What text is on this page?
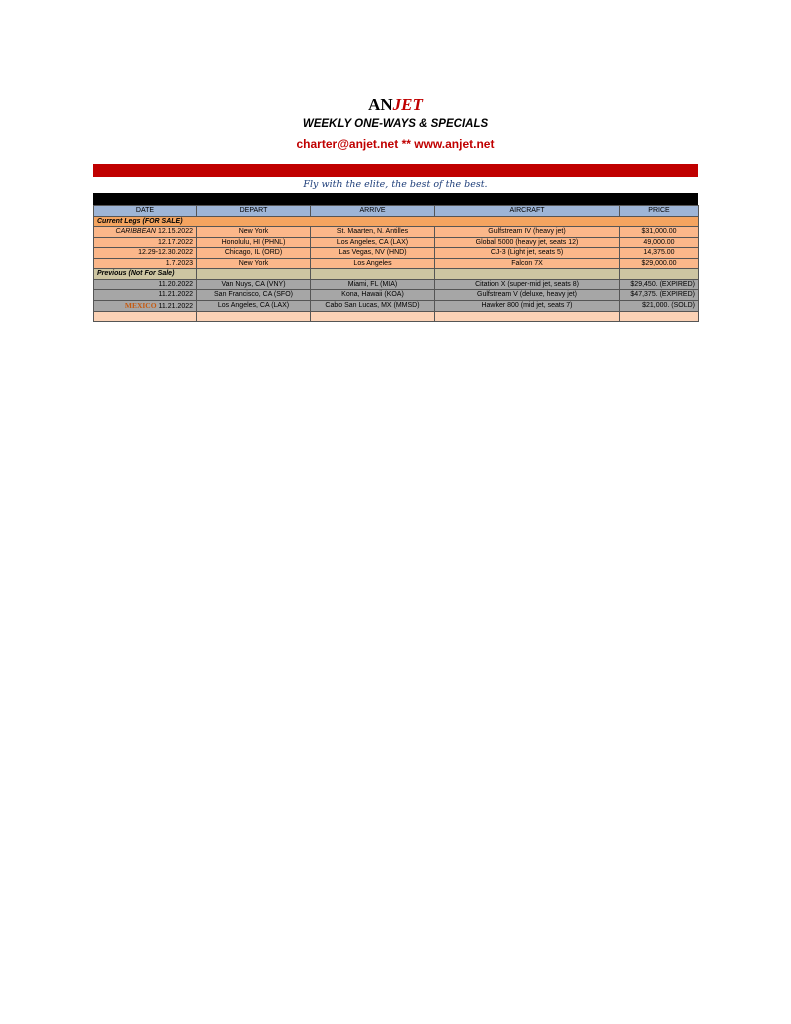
ANJET
WEEKLY ONE-WAYS & SPECIALS
charter@anjet.net ** www.anjet.net
Fly with the elite, the best of the best.
DATE	DEPART	ARRIVE	AIRCRAFT	PRICE
Current Legs (FOR SALE)				
CARIBBEAN 12.15.2022	New York	St. Maarten, N. Antilles	Gulfstream IV (heavy jet)	$31,000.00
12.17.2022	Honolulu, HI (PHNL)	Los Angeles, CA (LAX)	Global 5000 (heavy jet, seats 12)	49,000.00
12.29-12.30.2022	Chicago, IL (ORD)	Las Vegas, NV (HND)	CJ-3 (Light jet, seats 5)	14,375.00
1.7.2023	New York	Los Angeles	Falcon 7X	$29,000.00
Previous (Not For Sale)				
11.20.2022	Van Nuys, CA (VNY)	Miami, FL (MIA)	Citation X (super-mid jet, seats 8)	$29,450. (EXPIRED)
11.21.2022	San Francisco, CA (SFO)	Kona, Hawaii (KOA)	Gulfstream V (deluxe, heavy jet)	$47,375. (EXPIRED)
MEXICO 11.21.2022	Los Angeles, CA (LAX)	Cabo San Lucas, MX (MMSD)	Hawker 800 (mid jet, seats 7)	$21,000. (SOLD)
